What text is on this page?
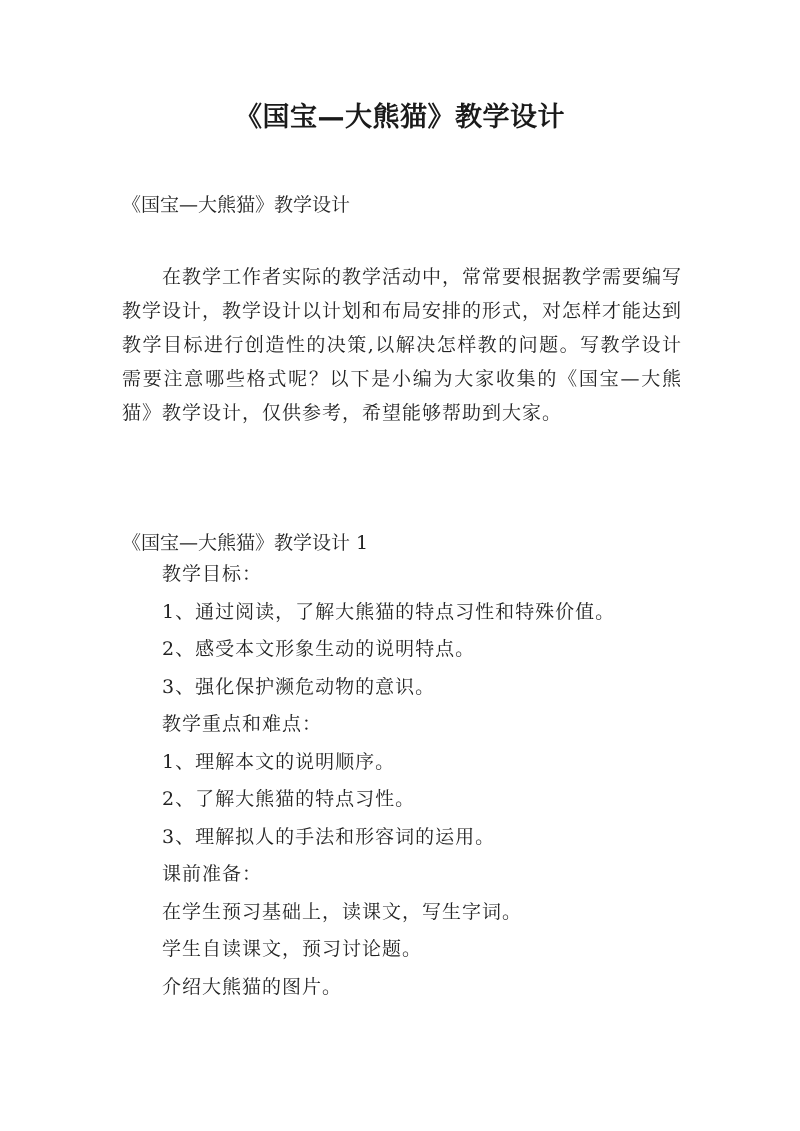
《国宝—大熊猫》教学设计

《国宝—大熊猫》教学设计

在教学工作者实际的教学活动中，常常要根据教学需要编写教学设计，教学设计以计划和布局安排的形式，对怎样才能达到教学目标进行创造性的决策,以解决怎样教的问题。写教学设计需要注意哪些格式呢？以下是小编为大家收集的《国宝—大熊猫》教学设计，仅供参考，希望能够帮助到大家。

《国宝—大熊猫》教学设计 1

教学目标：
1、通过阅读，了解大熊猫的特点习性和特殊价值。
2、感受本文形象生动的说明特点。
3、强化保护濒危动物的意识。
教学重点和难点：
1、理解本文的说明顺序。
2、了解大熊猫的特点习性。
3、理解拟人的手法和形容词的运用。
课前准备：
在学生预习基础上，读课文，写生字词。
学生自读课文，预习讨论题。
介绍大熊猫的图片。
